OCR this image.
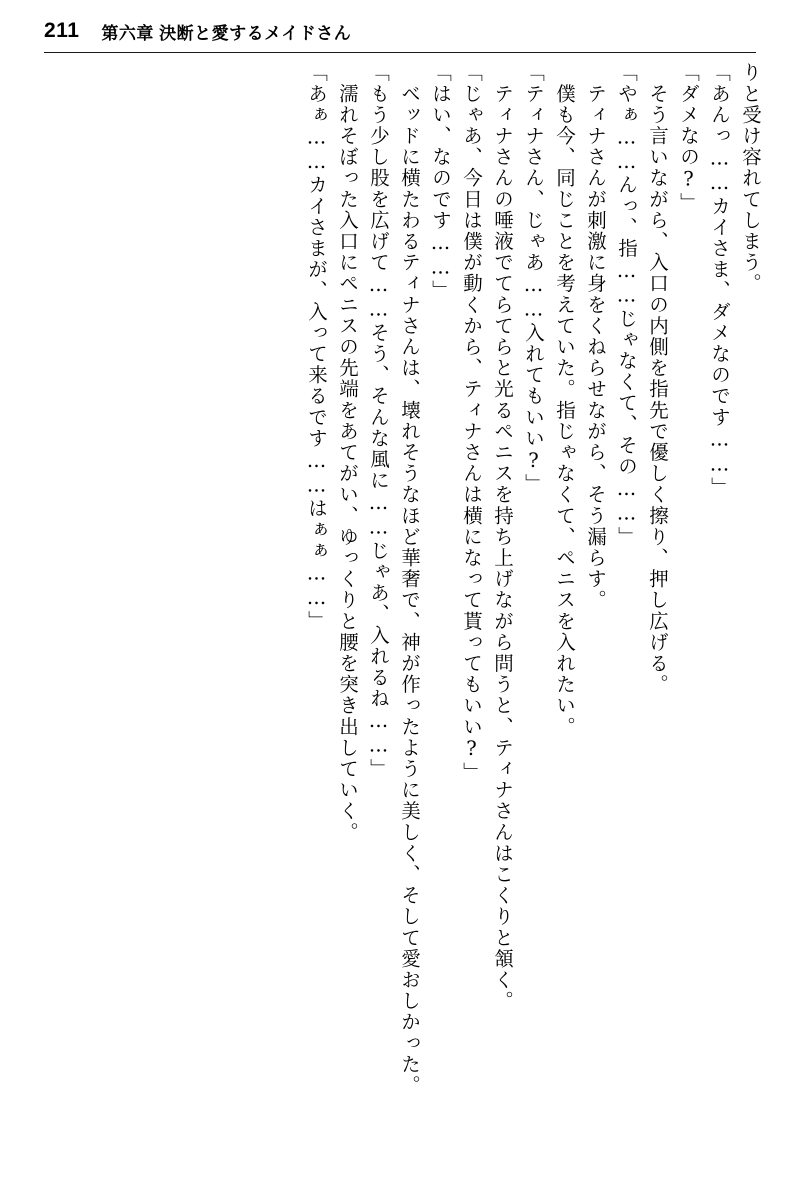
211 第六章 決断と愛するメイドさん
りと受け容れてしまう。
「あんっ……カイさま、ダメなのです……」
「ダメなの?」
　そう言いながら、入口の内側を指先で優しく擦り、押し広げる。
「やぁ……んっ、指……じゃなくて、その……」
　ティナさんが刺激に身をくねらせながら、そう漏らす。
　僕も今、同じことを考えていた。指じゃなくて、ペニスを入れたい。
「ティナさん、じゃあ……入れてもいい?」
　ティナさんの唾液でてらてらと光るペニスを持ち上げながら問うと、ティナさんはこくりと頷く。
「じゃあ、今日は僕が動くから、ティナさんは横になって貰ってもいい?」
「はい、なのです……」
　ベッドに横たわるティナさんは、壊れそうなほど華奢で、神が作ったように美しく、そして愛おしかった。
「もう少し股を広げて……そう、そんな風に……じゃあ、入れるね……」
　濡れそぼった入口にペニスの先端をあてがい、ゆっくりと腰を突き出していく。
「あぁ……カイさまが、入って来るです……はぁぁ……」
